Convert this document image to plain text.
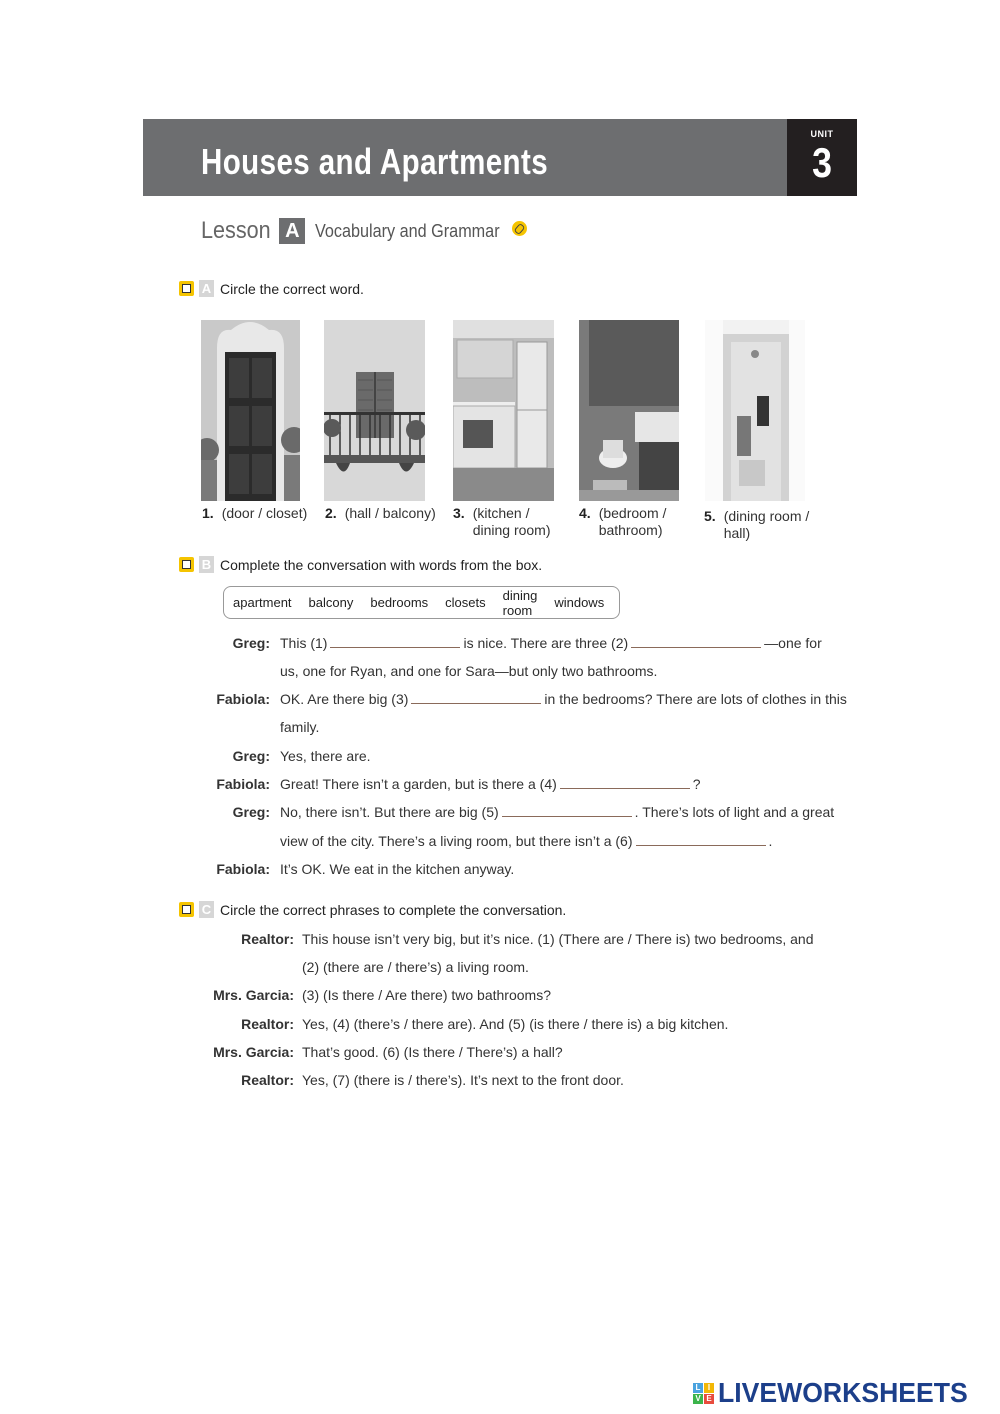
Houses and Apartments
UNIT
3
Lesson A Vocabulary and Grammar
A Circle the correct word.
1. (door / closet) 2. (hall / balcony) 3. (kitchen /
dining room)
4. (bedroom /
bathroom)
5. (dining room /
hall)
B Complete the conversation with words from the box.
apartment balcony bedrooms closets dining room	windows
Greg: This (1)	is nice. There are three (2)	—one for
us, one for Ryan, and one for Sara—but only two bathrooms.
Fabiola: OK. Are there big (3)	in the bedrooms? There are lots of clothes in this
family.
Greg: Yes, there are.
Fabiola: Great! There isn’t a garden, but is there a (4)	?
Greg: No, there isn’t. But there are big (5)	. There’s lots of light and a great
view of the city. There’s a living room, but there isn’t a (6)	.
Fabiola: It’s OK. We eat in the kitchen anyway.
C Circle the correct phrases to complete the conversation.
Realtor: This house isn’t very big, but it’s nice. (1) (There are / There is) two bedrooms, and
(2) (there are / there’s) a living room.
Mrs. Garcia: (3) (Is there / Are there) two bathrooms?
Realtor: Yes, (4) (there’s / there are). And (5) (is there / there is) a big kitchen.
Mrs. Garcia: That’s good. (6) (Is there / There’s) a hall?
Realtor: Yes, (7) (there is / there’s). It’s next to the front door.
L I
V E LIVEWORKSHEETS
